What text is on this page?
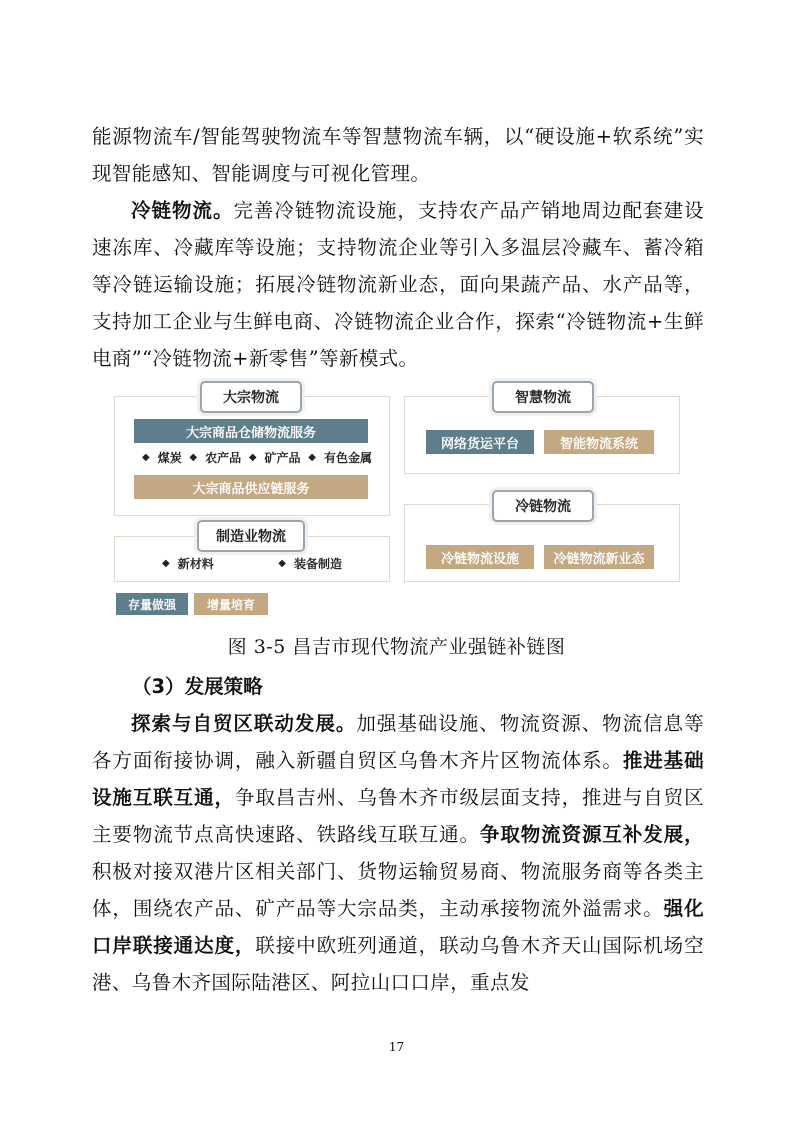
能源物流车/智能驾驶物流车等智慧物流车辆，以“硬设施+软系统”实现智能感知、智能调度与可视化管理。
冷链物流。完善冷链物流设施，支持农产品产销地周边配套建设速冻库、冷藏库等设施；支持物流企业等引入多温层冷藏车、蓄冷箱等冷链运输设施；拓展冷链物流新业态，面向果蔬产品、水产品等，支持加工企业与生鲜电商、冷链物流企业合作，探索“冷链物流+生鲜电商”“冷链物流+新零售”等新模式。
大宗物流
大宗商品仓储物流服务
◆ 煤炭 ◆ 农产品 ◆ 矿产品 ◆ 有色金属
大宗商品供应链服务
制造业物流
◆ 新材料	◆ 装备制造
存量做强	增量培育
智慧物流
网络货运平台	智能物流系统
冷链物流
冷链物流设施	冷链物流新业态
图 3-5 昌吉市现代物流产业强链补链图
（3）发展策略
探索与自贸区联动发展。加强基础设施、物流资源、物流信息等各方面衔接协调，融入新疆自贸区乌鲁木齐片区物流体系。推进基础设施互联互通，争取昌吉州、乌鲁木齐市级层面支持，推进与自贸区主要物流节点高快速路、铁路线互联互通。争取物流资源互补发展，积极对接双港片区相关部门、货物运输贸易商、物流服务商等各类主体，围绕农产品、矿产品等大宗品类，主动承接物流外溢需求。强化口岸联接通达度，联接中欧班列通道，联动乌鲁木齐天山国际机场空港、乌鲁木齐国际陆港区、阿拉山口口岸，重点发
17
